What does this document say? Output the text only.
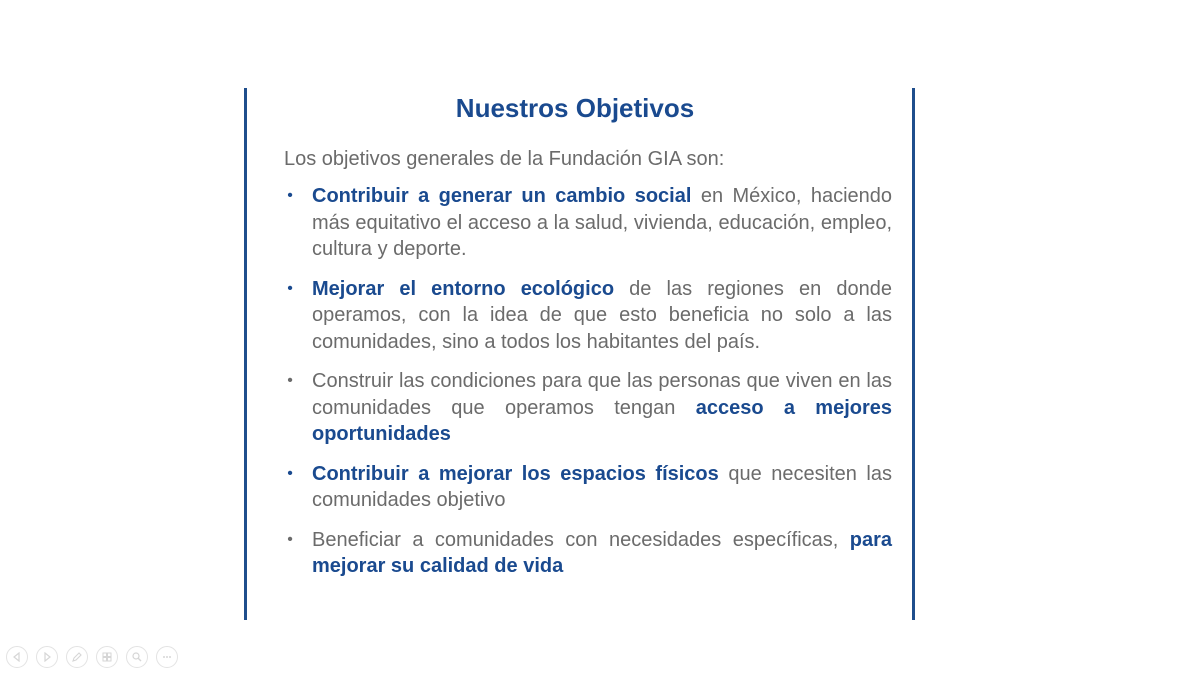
Nuestros Objetivos

Los objetivos generales de la Fundación GIA son:

• Contribuir a generar un cambio social en México, haciendo más equitativo el acceso a la salud, vivienda, educación, empleo, cultura y deporte.
• Mejorar el entorno ecológico de las regiones en donde operamos, con la idea de que esto beneficia no solo a las comunidades, sino a todos los habitantes del país.
• Construir las condiciones para que las personas que viven en las comunidades que operamos tengan acceso a mejores oportunidades
• Contribuir a mejorar los espacios físicos que necesiten las comunidades objetivo
• Beneficiar a comunidades con necesidades específicas, para mejorar su calidad de vida
